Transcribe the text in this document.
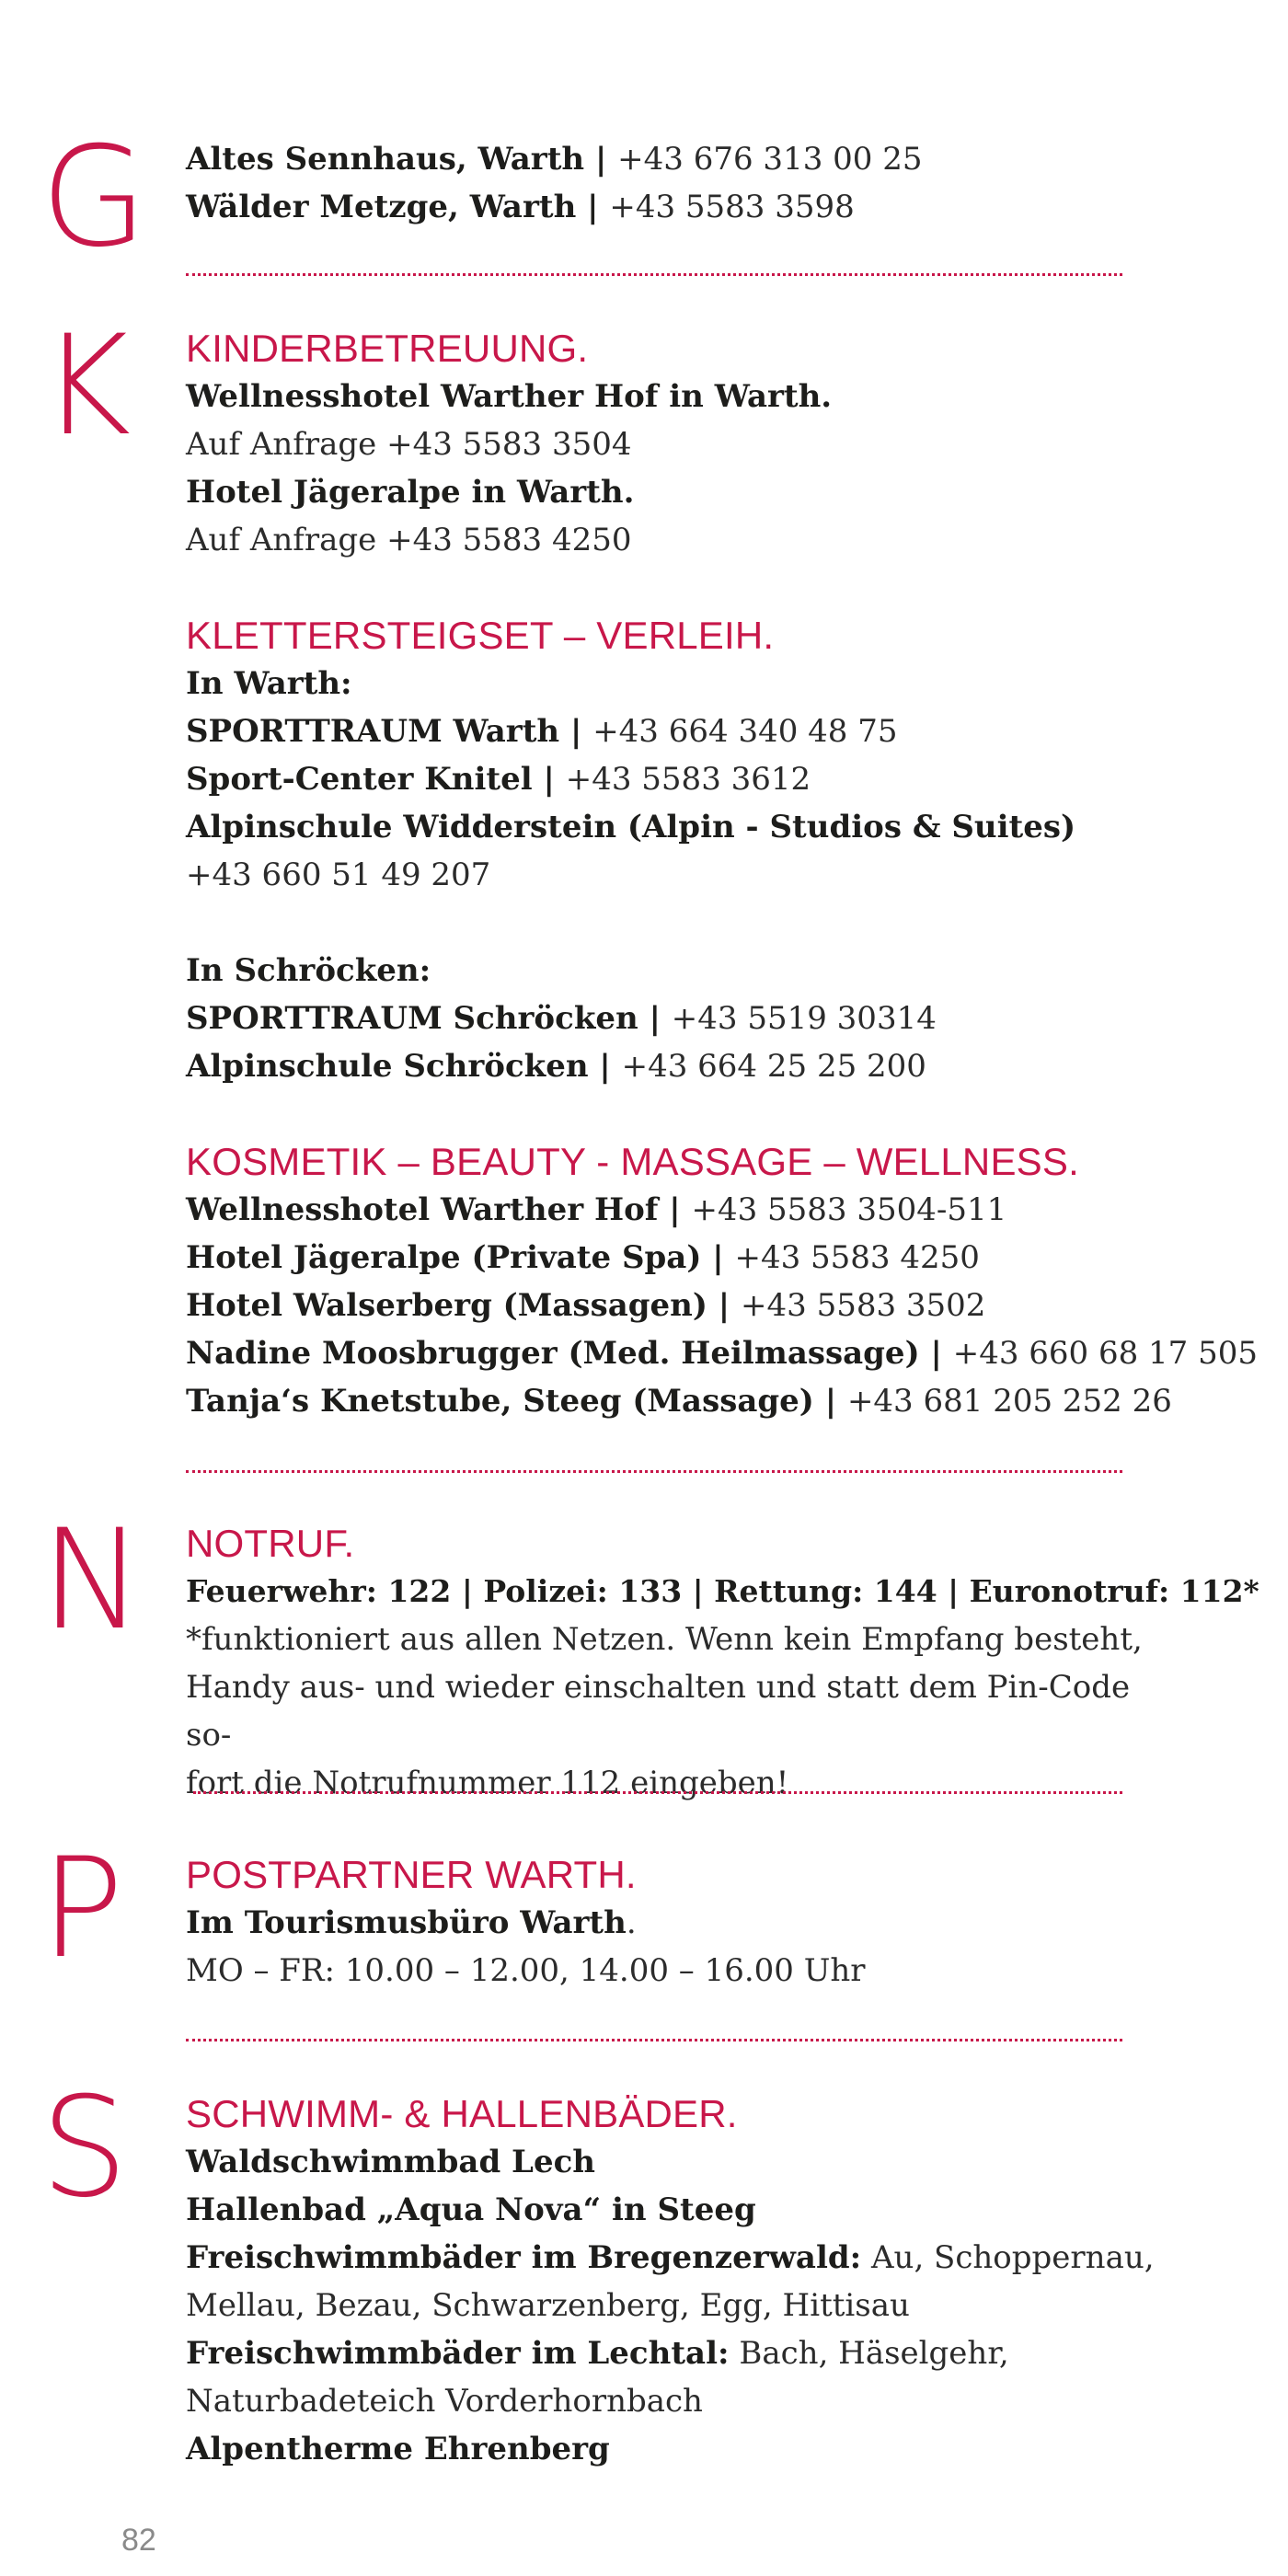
G
K
N
P
S
Altes Sennhaus, Warth | +43 676 313 00 25
Wälder Metzge, Warth | +43 5583 3598
KINDERBETREUUNG.
Wellnesshotel Warther Hof in Warth.
Auf Anfrage +43 5583 3504
Hotel Jägeralpe in Warth.
Auf Anfrage +43 5583 4250
KLETTERSTEIGSET – VERLEIH.
In Warth:
SPORTTRAUM Warth | +43 664 340 48 75
Sport-Center Knitel | +43 5583 3612
Alpinschule Widderstein (Alpin - Studios & Suites)
+43 660 51 49 207
In Schröcken:
SPORTTRAUM Schröcken | +43 5519 30314
Alpinschule Schröcken | +43 664 25 25 200
KOSMETIK – BEAUTY - MASSAGE – WELLNESS.
Wellnesshotel Warther Hof | +43 5583 3504-511
Hotel Jägeralpe (Private Spa) | +43 5583 4250
Hotel Walserberg (Massagen) | +43 5583 3502
Nadine Moosbrugger (Med. Heilmassage) | +43 660 68 17 505
Tanja‘s Knetstube, Steeg (Massage) | +43 681 205 252 26
NOTRUF.
Feuerwehr: 122 | Polizei: 133 | Rettung: 144 | Euronotruf: 112*
*funktioniert aus allen Netzen. Wenn kein Empfang besteht,
Handy aus- und wieder einschalten und statt dem Pin-Code so-
fort die Notrufnummer 112 eingeben!
POSTPARTNER WARTH.
Im Tourismusbüro Warth.
MO – FR: 10.00 – 12.00, 14.00 – 16.00 Uhr
SCHWIMM- & HALLENBÄDER.
Waldschwimmbad Lech
Hallenbad „Aqua Nova“ in Steeg
Freischwimmbäder im Bregenzerwald: Au, Schoppernau,
Mellau, Bezau, Schwarzenberg, Egg, Hittisau
Freischwimmbäder im Lechtal: Bach, Häselgehr,
Naturbadeteich Vorderhornbach
Alpentherme Ehrenberg
82
